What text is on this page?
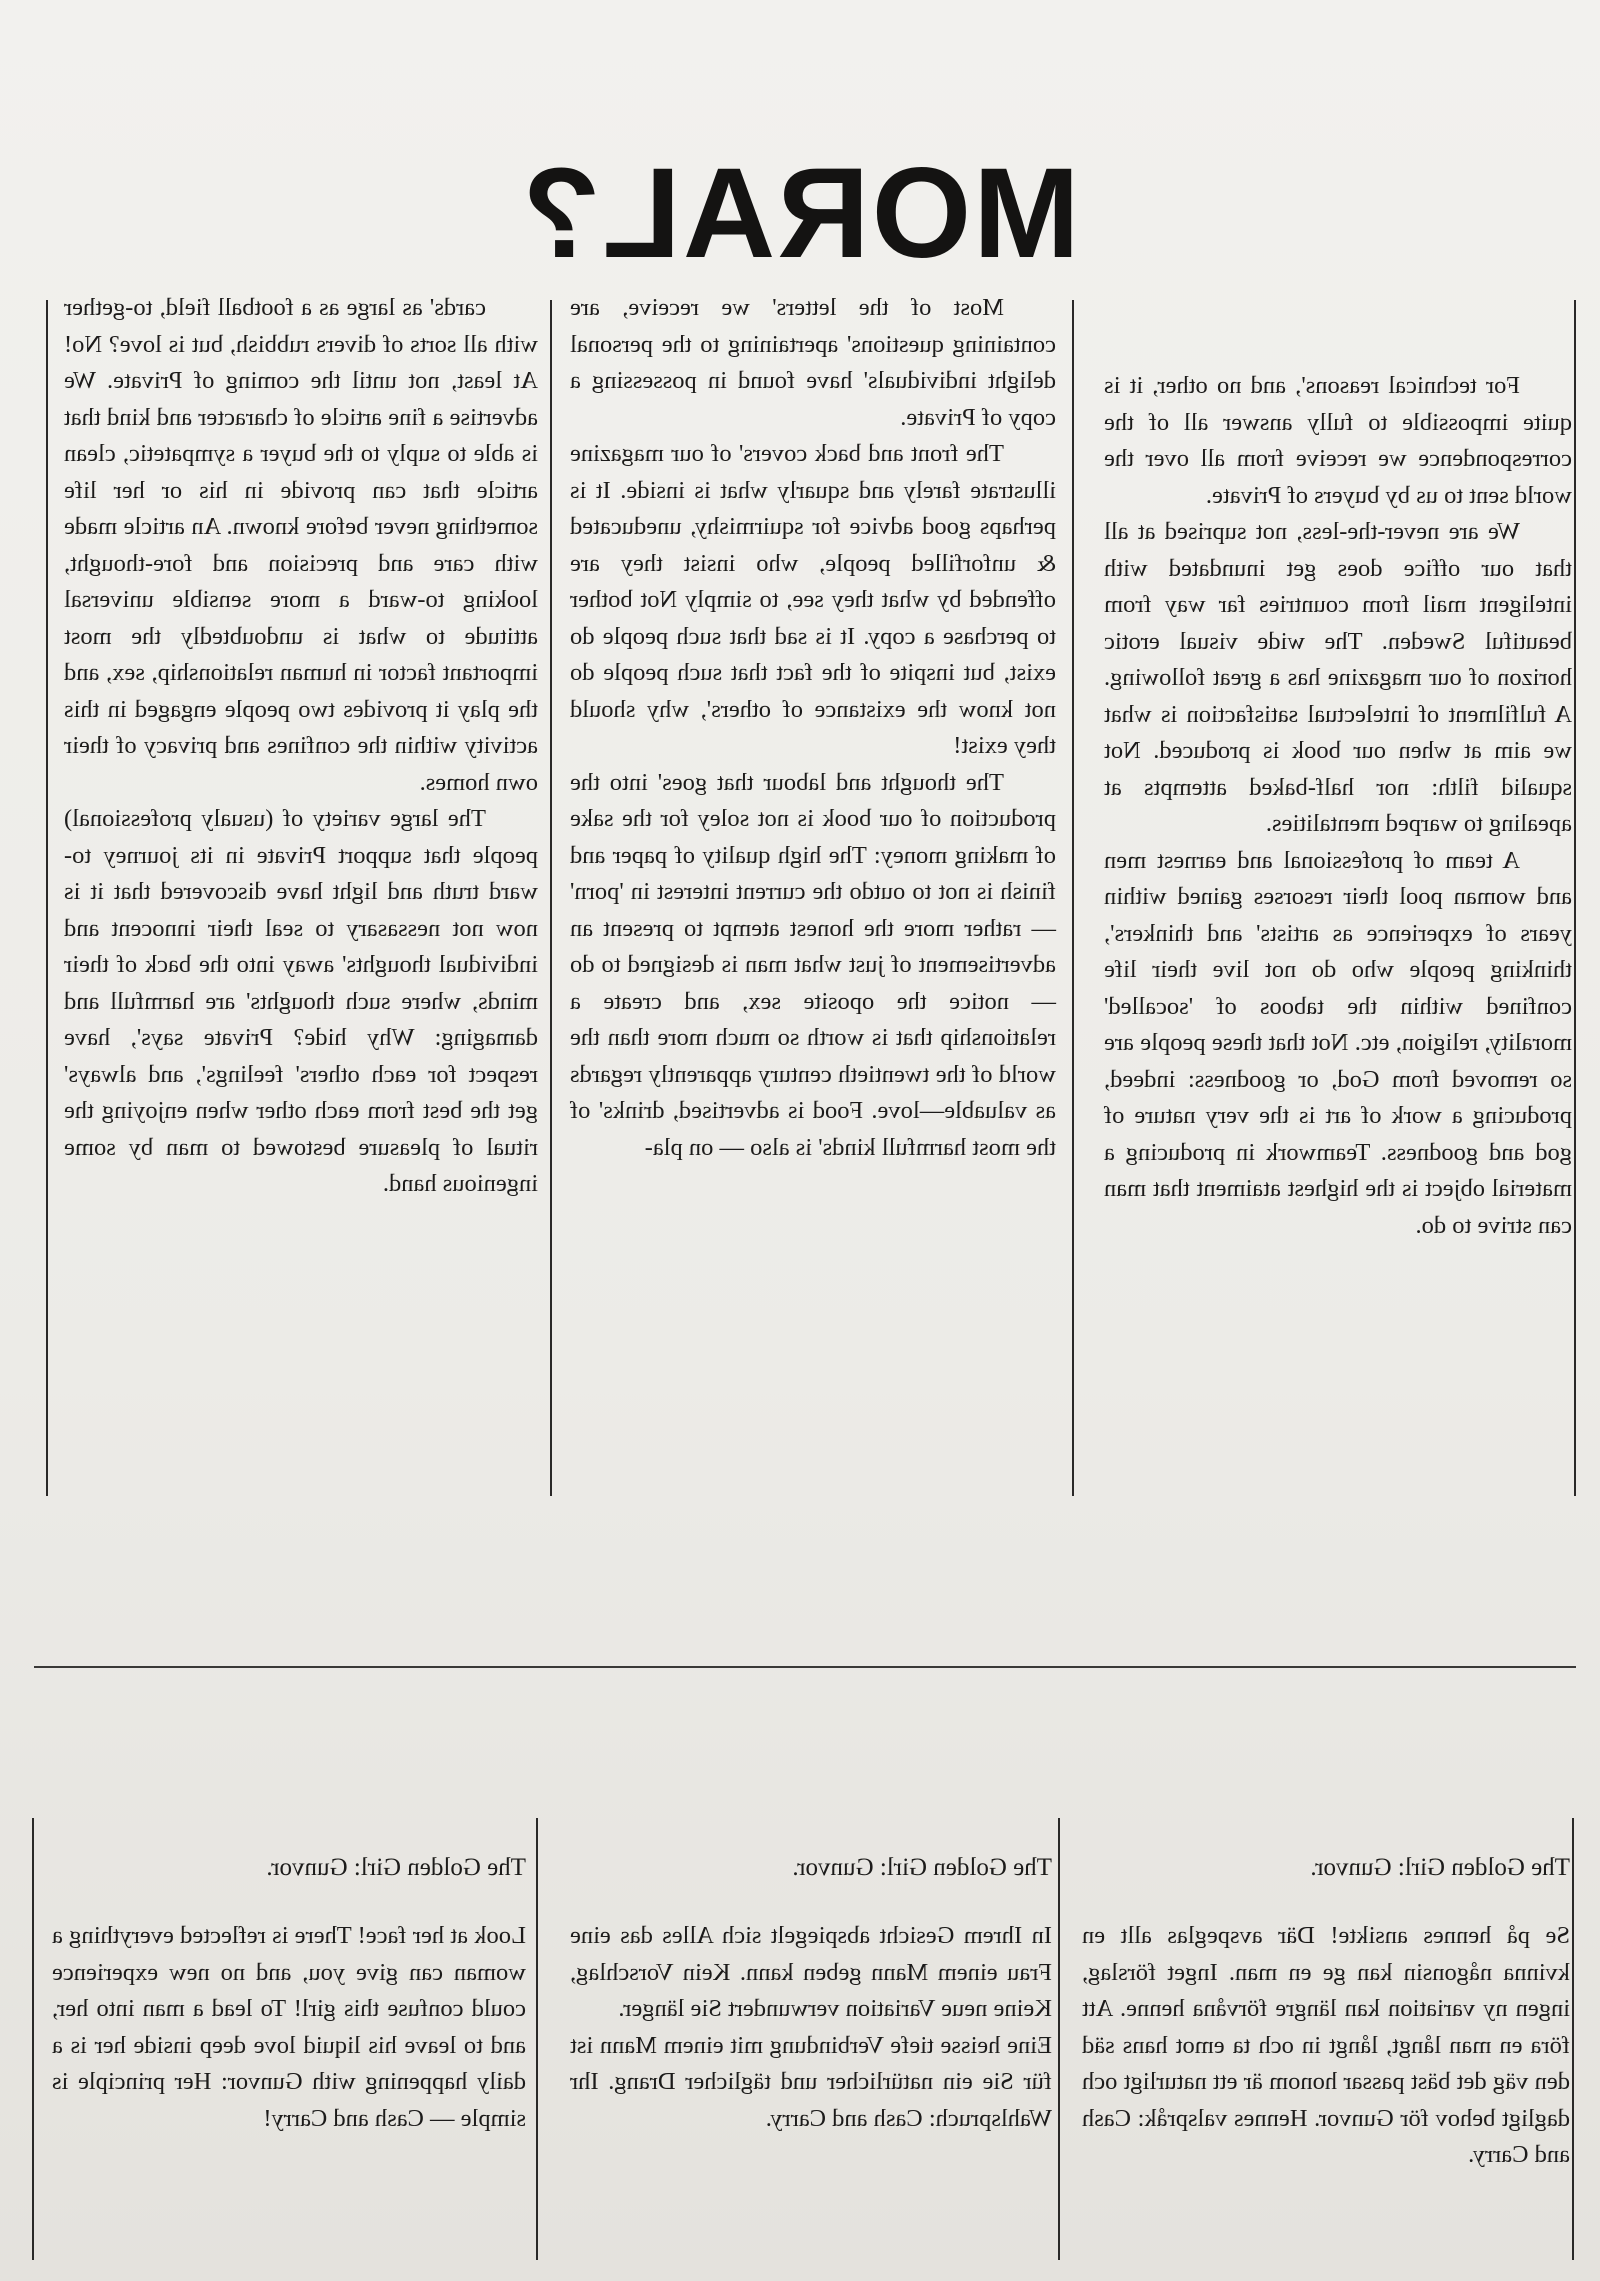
MORAL?

For technical reasons', and no other, it is quite impossible to fully answer all of the correspondence we receive from all over the world sent to us by buyers of Private.

We are never-the-less, not suprised at all that our office does get inundated with inteligent mail from countries far way from beautiful Sweden. The wide visual erotic horizon of our magazine has a great following. A fulfilment of intelectual satisfaction is what we aim at when our book is produced. Not squalid filth: nor half-baked attempts at apealing to warped mentalities.

A team of professional and earnest men and woman pool their resorses gained within years of experience as artists' and thinkers', thinking people who do not live their life confined within the taboos of 'socalled' morality, religion, etc. Not that these people are so removed from God, or goodness: indeed, producing a work of art is the very nature of god and goodness. Teamwork in producing a material object is the highest ataiment that man can strive to do.

Most of the letters' we receive, are containing questions' apertaining to the personal delight individuals' have found in possessing a copy of Private.

The front and back covers' of our magazine illustrate farely and squarly what is inside. It is perhaps good advice for squirmishy, uneducated & unforfilled people, who insist they are offended by what they see, to simply Not bother to perchase a copy. It is sad that such people do exist, but inspite of the fact that such people do not know the existance of others', why should they exist!

The thought and labour that goes' into the production of our book is not soley for the sake of making money: The high quality of paper and finish is not to outdo the current interest in 'porn' — rather more the honest atempt to present an advertisement of just what man is designed to do — notice the oposite sex, and create a relationship that is worth so much more than the world of the twentieth century apparently regards as valuable—love. Food is advertised, drinks' of the most harmfull kinds' is also — on pla-

cards' as large as a football field, to-gether with all sorts of divers rubbish, but is love? No! At least, not until the coming of Private. We advertise a fine article of character and kind that is able to suply to the buyer a sympatetic, clean article that can provide in his or her life something never before known. An article made with care and precision and fore-thought, looking to-ward a more sensible universal attitude to what is undoubtedly the most important factor in human relationship, sex, and the play it provides two people engaged in this activity within the confines and privacy of their own homes.

The large variety of (usualy professional) people that support Private in its journey to-ward truth and light have discovered that it is now not nessasary to seal their innocent and individual thoughts' away into the back of their minds, where such thoughts' are harmfull and damaging: Why hide? Private says', have respect for each others' feelings', and always' get the best from each other when enjoying the ritual of pleasure bestowed to man by some ingenious hand.

The Golden Girl: Gunvor.

Se på hennes ansikte! Där avspeglas allt en kvinna någonsin kan ge en man. Inget förslag, ingen ny variation kan längre förvåna henne. Att föra en man långt, långt in och ta emot hans säd den väg det bäst passar honom är ett naturligt och dagligt behov för Gunvor. Hennes valspråk: Cash and Carry.

The Golden Girl: Gunvor.

In Ihrem Gesicht abspiegelt sich Alles das eine Frau einem Mann geben kann. Kein Vorschlag, Keine neue Variation verwundert Sie länger.

Eine heisse tiefe Verbindung mit einem Mann ist für Sie ein natürlicher und täglicher Drang. Ihr Wahlspruch: Cash and Carry.

The Golden Girl: Gunvor.

Look at her face! There is reflected everything a woman can give you, and no new experience could confuse this girl! To lead a man into her, and to leave his liquid love deep inside her is a daily happening with Gunvor: Her principle is simple — Cash and Carry!
